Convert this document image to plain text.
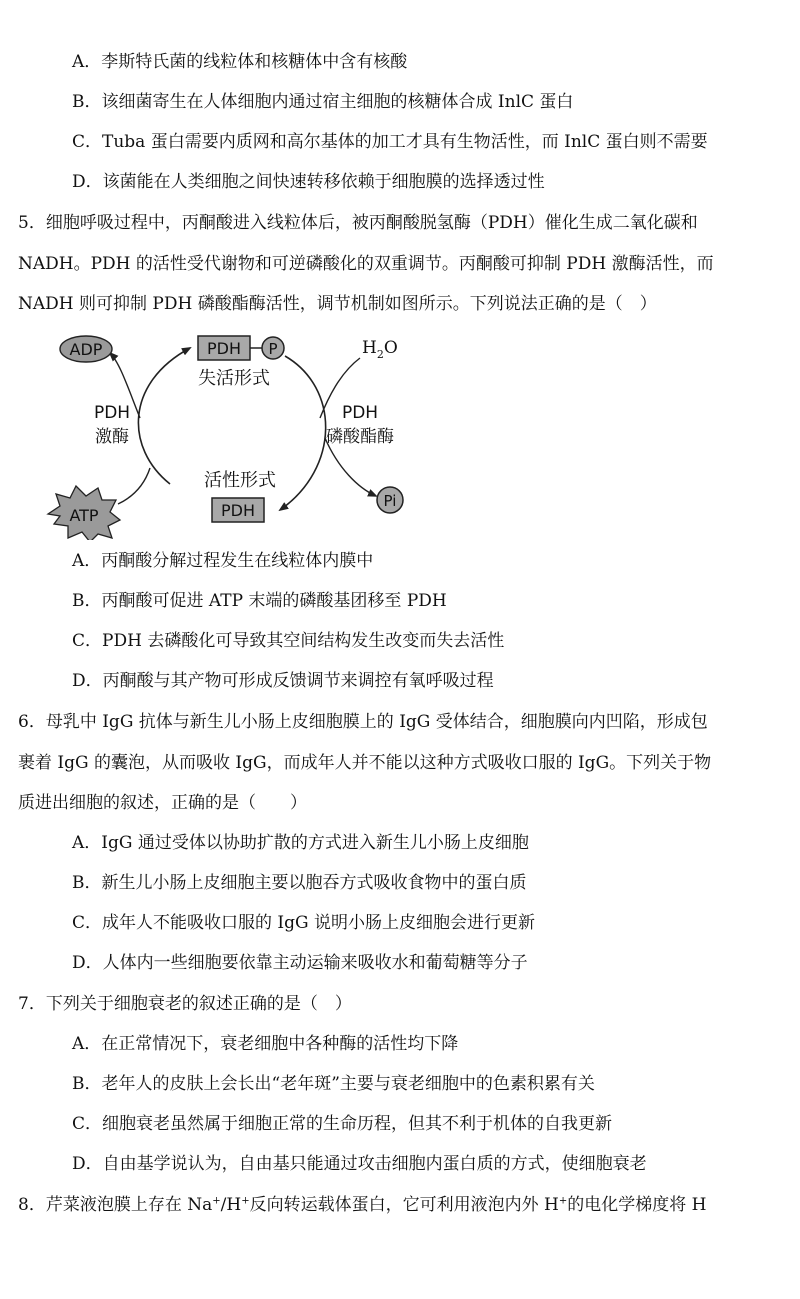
A．李斯特氏菌的线粒体和核糖体中含有核酸
B．该细菌寄生在人体细胞内通过宿主细胞的核糖体合成 InlC 蛋白
C．Tuba 蛋白需要内质网和高尔基体的加工才具有生物活性，而 InlC 蛋白则不需要
D．该菌能在人类细胞之间快速转移依赖于细胞膜的选择透过性
5．细胞呼吸过程中，丙酮酸进入线粒体后，被丙酮酸脱氢酶（PDH）催化生成二氧化碳和
NADH。PDH 的活性受代谢物和可逆磷酸化的双重调节。丙酮酸可抑制 PDH 激酶活性，而
NADH 则可抑制 PDH 磷酸酯酶活性，调节机制如图所示。下列说法正确的是（　）
ADP
ATP
PDH P
失活形式
活性形式
PDH
PDH
激酶
PDH
磷酸酯酶
$H_2O$
Pi
A．丙酮酸分解过程发生在线粒体内膜中
B．丙酮酸可促进 ATP 末端的磷酸基团移至 PDH
C．PDH 去磷酸化可导致其空间结构发生改变而失去活性
D．丙酮酸与其产物可形成反馈调节来调控有氧呼吸过程
6．母乳中 IgG 抗体与新生儿小肠上皮细胞膜上的 IgG 受体结合，细胞膜向内凹陷，形成包
裹着 IgG 的囊泡，从而吸收 IgG，而成年人并不能以这种方式吸收口服的 IgG。下列关于物
质进出细胞的叙述，正确的是（　　）
A．IgG 通过受体以协助扩散的方式进入新生儿小肠上皮细胞
B．新生儿小肠上皮细胞主要以胞吞方式吸收食物中的蛋白质
C．成年人不能吸收口服的 IgG 说明小肠上皮细胞会进行更新
D．人体内一些细胞要依靠主动运输来吸收水和葡萄糖等分子
7．下列关于细胞衰老的叙述正确的是（　）
A．在正常情况下，衰老细胞中各种酶的活性均下降
B．老年人的皮肤上会长出“老年斑”主要与衰老细胞中的色素积累有关
C．细胞衰老虽然属于细胞正常的生命历程，但其不利于机体的自我更新
D．自由基学说认为，自由基只能通过攻击细胞内蛋白质的方式，使细胞衰老
8．芹菜液泡膜上存在 Na+/H+反向转运载体蛋白，它可利用液泡内外 H+的电化学梯度将 H
